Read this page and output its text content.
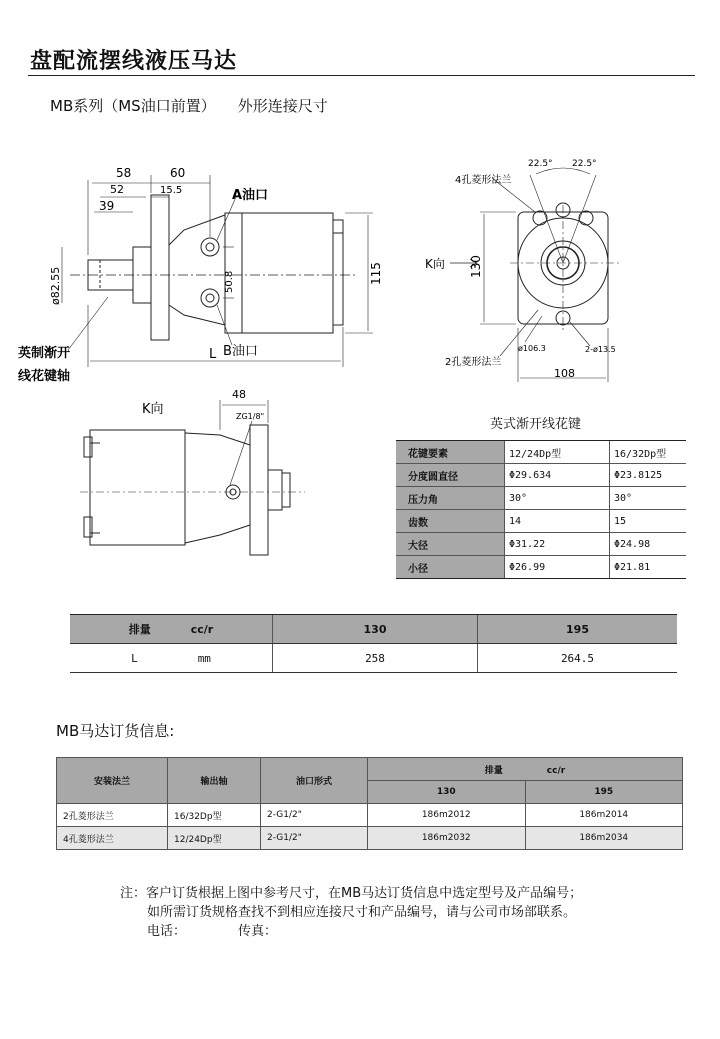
盘配流摆线液压马达
MB系列（MS油口前置） 外形连接尺寸
58	60
52	15.5
39
ø82.55	50.8	115
L
A油口
B油口
英制渐开
线花键轴
22.5° 22.5°
4孔菱形法兰
130
K向
ø106.3	2-ø13.5
2孔菱形法兰
108
K向
48
ZG1/8"
英式渐开线花键
花键要素	12/24Dp型	16/32Dp型
分度圆直径	Φ29.634	Φ23.8125
压力角	30°	30°
齿数	14	15
大径	Φ31.22	Φ24.98
小径	Φ26.99	Φ21.81
排量 cc/r	130	195
L mm	258	264.5
MB马达订货信息:
安装法兰	输出轴	油口形式	排量 cc/r	
			130	195
2孔菱形法兰	16/32Dp型	2-G1/2"	186m2012	186m2014
4孔菱形法兰	12/24Dp型	2-G1/2"	186m2032	186m2034
注：客户订货根据上图中参考尺寸，在MB马达订货信息中选定型号及产品编号；
如所需订货规格查找不到相应连接尺寸和产品编号，请与公司市场部联系。
电话：	传真：
